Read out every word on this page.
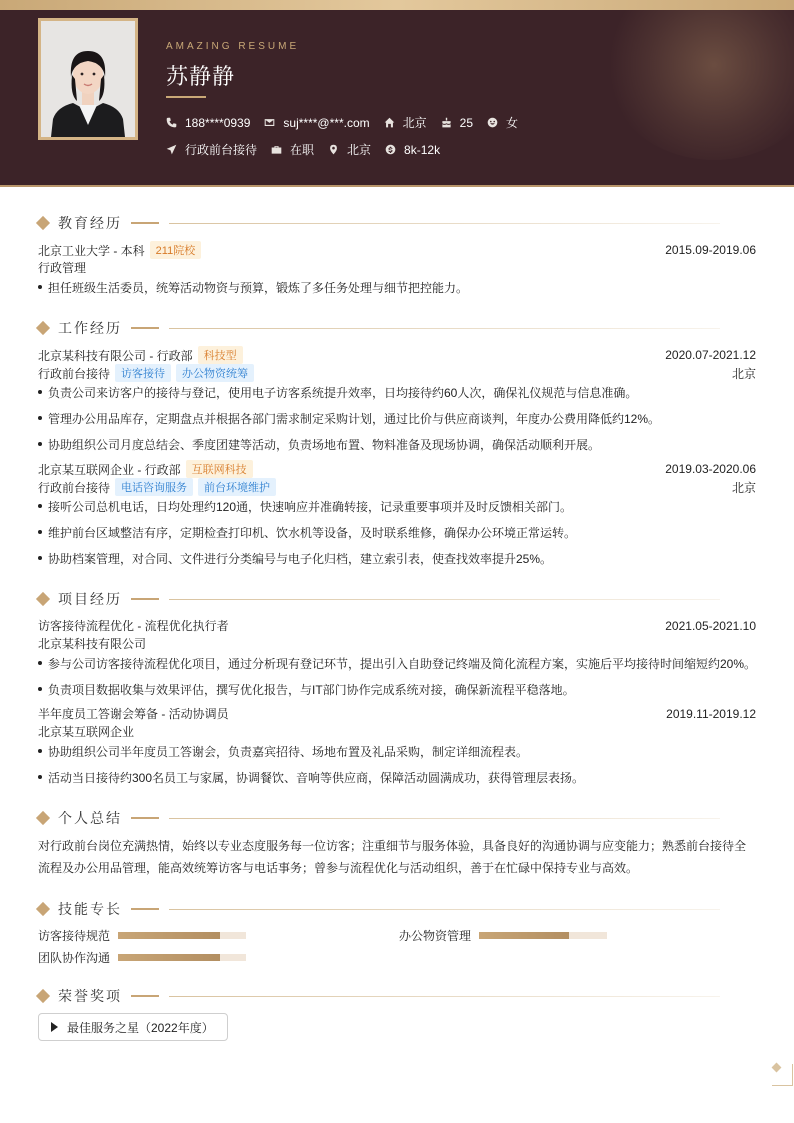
AMAZING RESUME
苏静静
188****0939	suj****@***.com	北京	25	女
行政前台接待	在职	北京	8k-12k
教育经历
北京工业大学 - 本科	211院校	2015.09-2019.06
行政管理
担任班级生活委员，统筹活动物资与预算，锻炼了多任务处理与细节把控能力。
工作经历
北京某科技有限公司 - 行政部	科技型	2020.07-2021.12
行政前台接待	访客接待	办公物资统筹	北京
负责公司来访客户的接待与登记，使用电子访客系统提升效率，日均接待约60人次，确保礼仪规范与信息准确。
管理办公用品库存，定期盘点并根据各部门需求制定采购计划，通过比价与供应商谈判，年度办公费用降低约12%。
协助组织公司月度总结会、季度团建等活动，负责场地布置、物料准备及现场协调，确保活动顺利开展。
北京某互联网企业 - 行政部	互联网科技	2019.03-2020.06
行政前台接待	电话咨询服务	前台环境维护	北京
接听公司总机电话，日均处理约120通，快速响应并准确转接，记录重要事项并及时反馈相关部门。
维护前台区域整洁有序，定期检查打印机、饮水机等设备，及时联系维修，确保办公环境正常运转。
协助档案管理，对合同、文件进行分类编号与电子化归档，建立索引表，使查找效率提升25%。
项目经历
访客接待流程优化 - 流程优化执行者	2021.05-2021.10
北京某科技有限公司
参与公司访客接待流程优化项目，通过分析现有登记环节，提出引入自助登记终端及简化流程方案，实施后平均接待时间缩短约20%。
负责项目数据收集与效果评估，撰写优化报告，与IT部门协作完成系统对接，确保新流程平稳落地。
半年度员工答谢会筹备 - 活动协调员	2019.11-2019.12
北京某互联网企业
协助组织公司半年度员工答谢会，负责嘉宾招待、场地布置及礼品采购，制定详细流程表。
活动当日接待约300名员工与家属，协调餐饮、音响等供应商，保障活动圆满成功，获得管理层表扬。
个人总结
对行政前台岗位充满热情，始终以专业态度服务每一位访客；注重细节与服务体验，具备良好的沟通协调与应变能力；熟悉前台接待全流程及办公用品管理，能高效统筹访客与电话事务；曾参与流程优化与活动组织，善于在忙碌中保持专业与高效。
技能专长
访客接待规范	办公物资管理
团队协作沟通
荣誉奖项
最佳服务之星（2022年度）
